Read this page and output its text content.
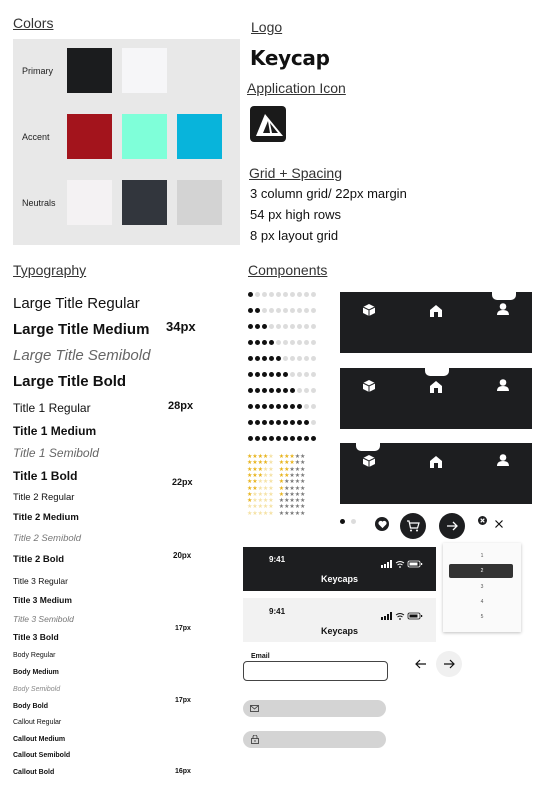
Colors
Primary
Accent
Neutrals
Logo
Keycap
Application Icon
Grid + Spacing
3 column grid/ 22px margin
54 px high rows
8 px layout grid
Typography
Large Title Regular
Large Title Medium
Large Title Semibold
Large Title Bold
Title 1 Regular
Title 1 Medium
Title 1 Semibold
Title 1 Bold
Title 2 Regular
Title 2 Medium
Title 2 Semibold
Title 2 Bold
Title 3 Regular
Title 3 Medium
Title 3 Semibold
Title 3 Bold
Body Regular
Body Medium
Body Semibold
Body Bold
Callout Regular
Callout Medium
Callout Semibold
Callout Bold
34px
28px
22px
20px
17px
17px
16px
Components
★ ★ ★ ★ ★ ★ ★ ★ ★ ★
★ ★ ★ ★ ★ ★ ★ ★ ★ ★
★ ★ ★ ★ ★ ★ ★ ★ ★ ★
★ ★ ★ ★ ★ ★ ★ ★ ★ ★
★ ★ ★ ★ ★ ★ ★ ★ ★ ★
★ ★ ★ ★ ★ ★ ★ ★ ★ ★
★ ★ ★ ★ ★ ★ ★ ★ ★ ★
★ ★ ★ ★ ★ ★ ★ ★ ★ ★
★ ★ ★ ★ ★ ★ ★ ★ ★ ★
★ ★ ★ ★ ★ ★ ★ ★ ★ ★
9:41
Keycaps
9:41
Keycaps
1
2
3
4
5
Email
